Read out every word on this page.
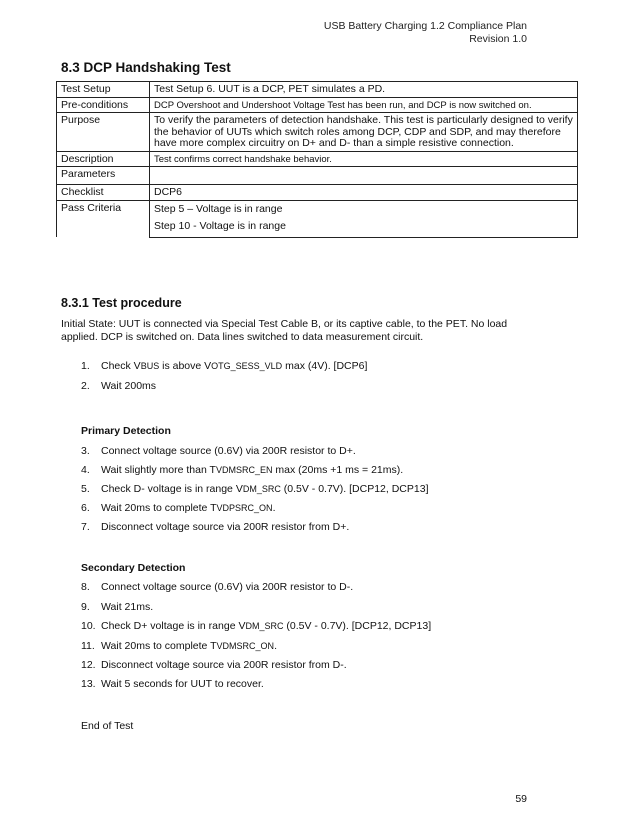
USB Battery Charging 1.2 Compliance Plan
Revision 1.0
8.3 DCP Handshaking Test
Test Setup	Test Setup 6. UUT is a DCP, PET simulates a PD.
Pre-conditions	DCP Overshoot and Undershoot Voltage Test has been run, and DCP is now switched on.
Purpose	To verify the parameters of detection handshake. This test is particularly designed to verify the behavior of UUTs which switch roles among DCP, CDP and SDP, and may therefore have more complex circuitry on D+ and D- than a simple resistive connection.
Description	Test confirms correct handshake behavior.
Parameters	
Checklist	DCP6
Pass Criteria	Step 5 – Voltage is in range
	Step 10 - Voltage is in range
8.3.1 Test procedure
Initial State: UUT is connected via Special Test Cable B, or its captive cable, to the PET. No load applied. DCP is switched on. Data lines switched to data measurement circuit.
1. Check VBUS is above VOTG_SESS_VLD max (4V). [DCP6]
2. Wait 200ms
Primary Detection
3. Connect voltage source (0.6V) via 200R resistor to D+.
4. Wait slightly more than TVDMSRC_EN max (20ms +1 ms = 21ms).
5. Check D- voltage is in range VDM_SRC (0.5V - 0.7V). [DCP12, DCP13]
6. Wait 20ms to complete TVDPSRC_ON.
7. Disconnect voltage source via 200R resistor from D+.
Secondary Detection
8. Connect voltage source (0.6V) via 200R resistor to D-.
9. Wait 21ms.
10. Check D+ voltage is in range VDM_SRC (0.5V - 0.7V). [DCP12, DCP13]
11. Wait 20ms to complete TVDMSRC_ON.
12. Disconnect voltage source via 200R resistor from D-.
13. Wait 5 seconds for UUT to recover.
End of Test
59
